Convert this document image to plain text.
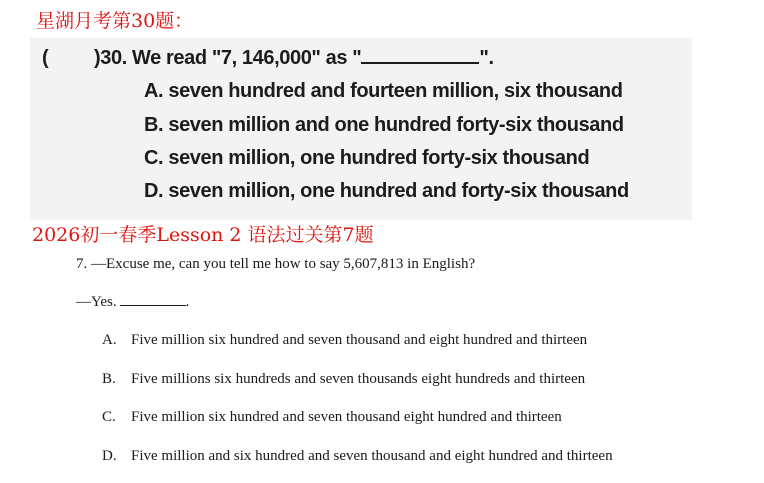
星湖月考第30题：
( )30. We read "7, 146,000" as "	".
A. seven hundred and fourteen million, six thousand
B. seven million and one hundred forty-six thousand
C. seven million, one hundred forty-six thousand
D. seven million, one hundred and forty-six thousand
2026初一春季Lesson 2 语法过关第7题
7. —Excuse me, can you tell me how to say 5,607,813 in English?
—Yes.	.
A. Five million six hundred and seven thousand and eight hundred and thirteen
B. Five millions six hundreds and seven thousands eight hundreds and thirteen
C. Five million six hundred and seven thousand eight hundred and thirteen
D. Five million and six hundred and seven thousand and eight hundred and thirteen
